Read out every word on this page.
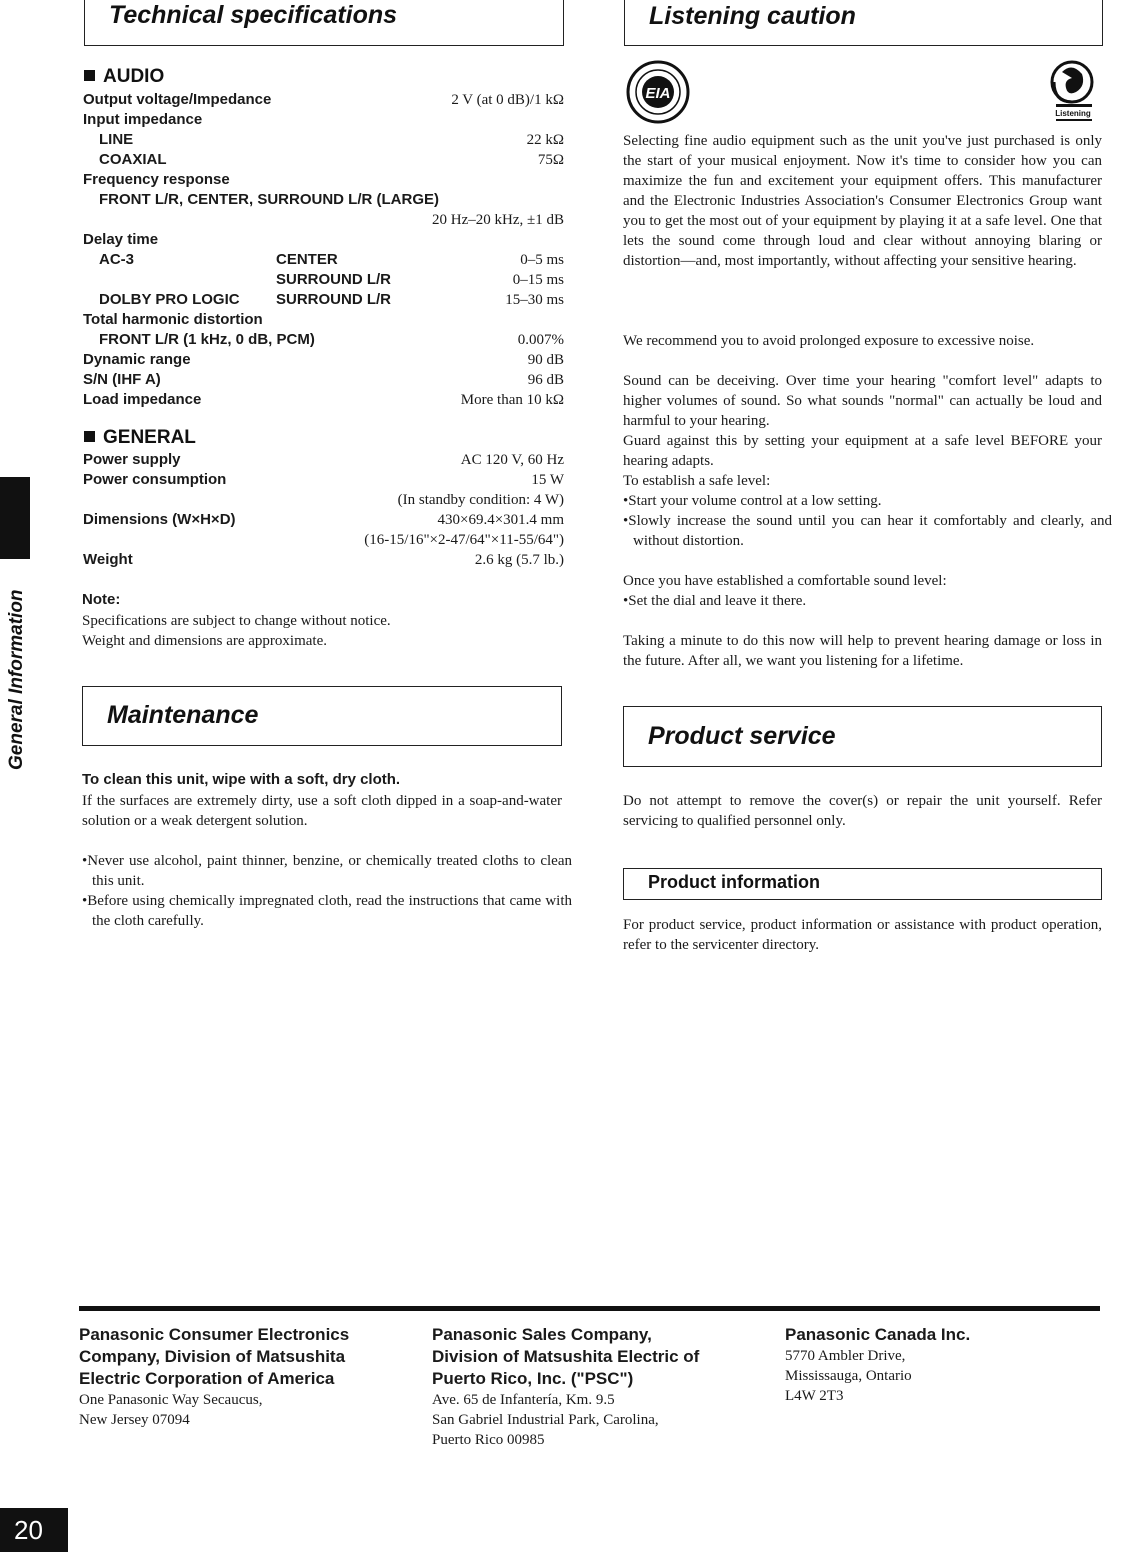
Technical specifications
AUDIO
Output voltage/Impedance	2 V (at 0 dB)/1 kΩ
Input impedance
LINE	22 kΩ
COAXIAL	75Ω
Frequency response
FRONT L/R, CENTER, SURROUND L/R (LARGE)
20 Hz–20 kHz, ±1 dB
Delay time
AC-3	CENTER	0–5 ms
SURROUND L/R	0–15 ms
DOLBY PRO LOGIC SURROUND L/R	15–30 ms
Total harmonic distortion
FRONT L/R (1 kHz, 0 dB, PCM)	0.007%
Dynamic range	90 dB
S/N (IHF A)	96 dB
Load impedance	More than 10 kΩ
GENERAL
Power supply	AC 120 V, 60 Hz
Power consumption	15 W
(In standby condition: 4 W)
Dimensions (W×H×D)	430×69.4×301.4 mm
(16-15/16"×2-47/64"×11-55/64")
Weight	2.6 kg (5.7 lb.)
Note:
Specifications are subject to change without notice.
Weight and dimensions are approximate.
Maintenance
To clean this unit, wipe with a soft, dry cloth.
If the surfaces are extremely dirty, use a soft cloth dipped in a soap-and-water solution or a weak detergent solution.
•Never use alcohol, paint thinner, benzine, or chemically treated cloths to clean this unit.
•Before using chemically impregnated cloth, read the instructions that came with the cloth carefully.
Listening caution
EIA
Listening
Selecting fine audio equipment such as the unit you've just purchased is only the start of your musical enjoyment. Now it's time to consider how you can maximize the fun and excitement your equipment offers. This manufacturer and the Electronic Industries Association's Consumer Electronics Group want you to get the most out of your equipment by playing it at a safe level. One that lets the sound come through loud and clear without annoying blaring or distortion—and, most importantly, without affecting your sensitive hearing.
We recommend you to avoid prolonged exposure to excessive noise.
Sound can be deceiving. Over time your hearing "comfort level" adapts to higher volumes of sound. So what sounds "normal" can actually be loud and harmful to your hearing.
Guard against this by setting your equipment at a safe level BEFORE your hearing adapts.
To establish a safe level:
•Start your volume control at a low setting.
•Slowly increase the sound until you can hear it comfortably and clearly, and without distortion.
Once you have established a comfortable sound level:
•Set the dial and leave it there.
Taking a minute to do this now will help to prevent hearing damage or loss in the future. After all, we want you listening for a lifetime.
Product service
Do not attempt to remove the cover(s) or repair the unit yourself. Refer servicing to qualified personnel only.
Product information
For product service, product information or assistance with product operation, refer to the servicenter directory.
General Information
Panasonic Consumer Electronics
Company, Division of Matsushita
Electric Corporation of America
One Panasonic Way Secaucus,
New Jersey 07094
Panasonic Sales Company,
Division of Matsushita Electric of
Puerto Rico, Inc. ("PSC")
Ave. 65 de Infantería, Km. 9.5
San Gabriel Industrial Park, Carolina,
Puerto Rico 00985
Panasonic Canada Inc.
5770 Ambler Drive,
Mississauga, Ontario
L4W 2T3
20
